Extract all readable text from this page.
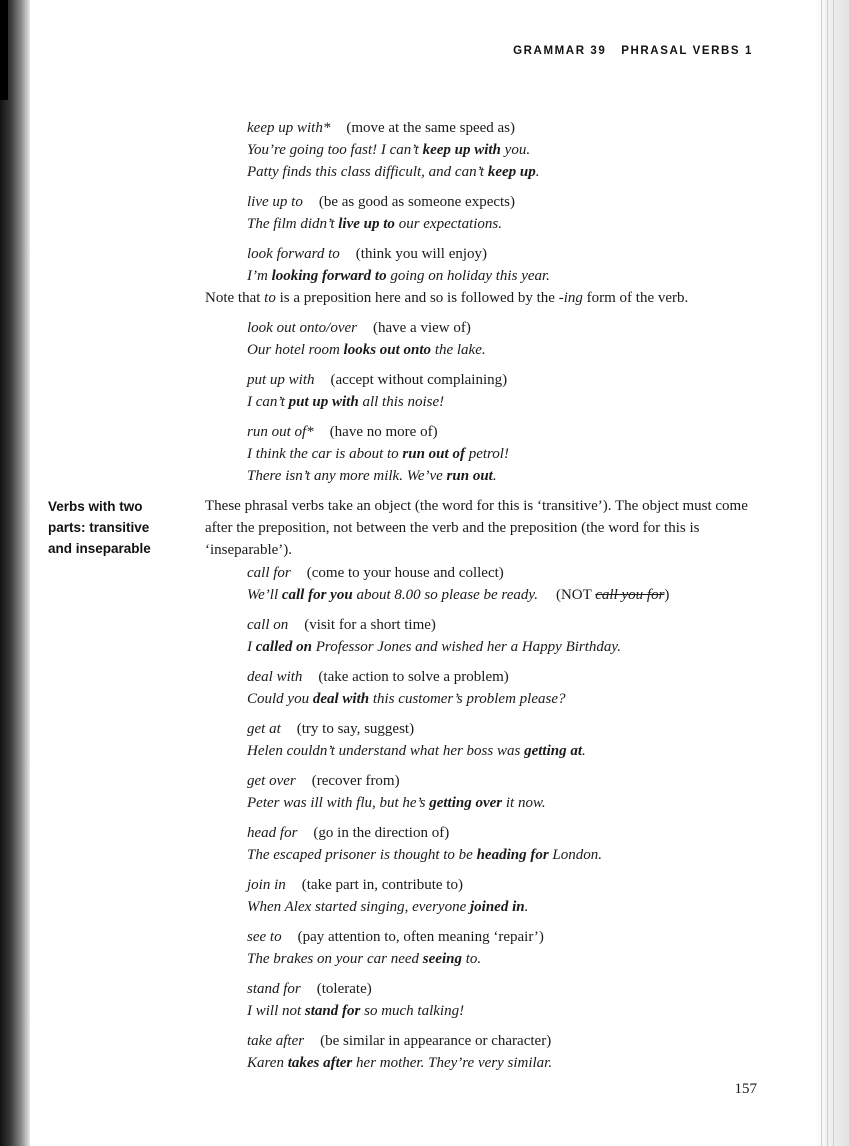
GRAMMAR 39 PHRASAL VERBS 1
Verbs with two
parts: transitive
and inseparable
keep up with* (move at the same speed as)
You’re going too fast! I can’t keep up with you.
Patty finds this class difficult, and can’t keep up.
live up to (be as good as someone expects)
The film didn’t live up to our expectations.
look forward to (think you will enjoy)
I’m looking forward to going on holiday this year.
Note that to is a preposition here and so is followed by the -ing form of the verb.
look out onto/over (have a view of)
Our hotel room looks out onto the lake.
put up with (accept without complaining)
I can’t put up with all this noise!
run out of* (have no more of)
I think the car is about to run out of petrol!
There isn’t any more milk. We’ve run out.
These phrasal verbs take an object (the word for this is ‘transitive’). The object must come after the preposition, not between the verb and the preposition (the word for this is ‘inseparable’).
call for (come to your house and collect)
We’ll call for you about 8.00 so please be ready. (NOT call you for)
call on (visit for a short time)
I called on Professor Jones and wished her a Happy Birthday.
deal with (take action to solve a problem)
Could you deal with this customer’s problem please?
get at (try to say, suggest)
Helen couldn’t understand what her boss was getting at.
get over (recover from)
Peter was ill with flu, but he’s getting over it now.
head for (go in the direction of)
The escaped prisoner is thought to be heading for London.
join in (take part in, contribute to)
When Alex started singing, everyone joined in.
see to (pay attention to, often meaning ‘repair’)
The brakes on your car need seeing to.
stand for (tolerate)
I will not stand for so much talking!
take after (be similar in appearance or character)
Karen takes after her mother. They’re very similar.
157
